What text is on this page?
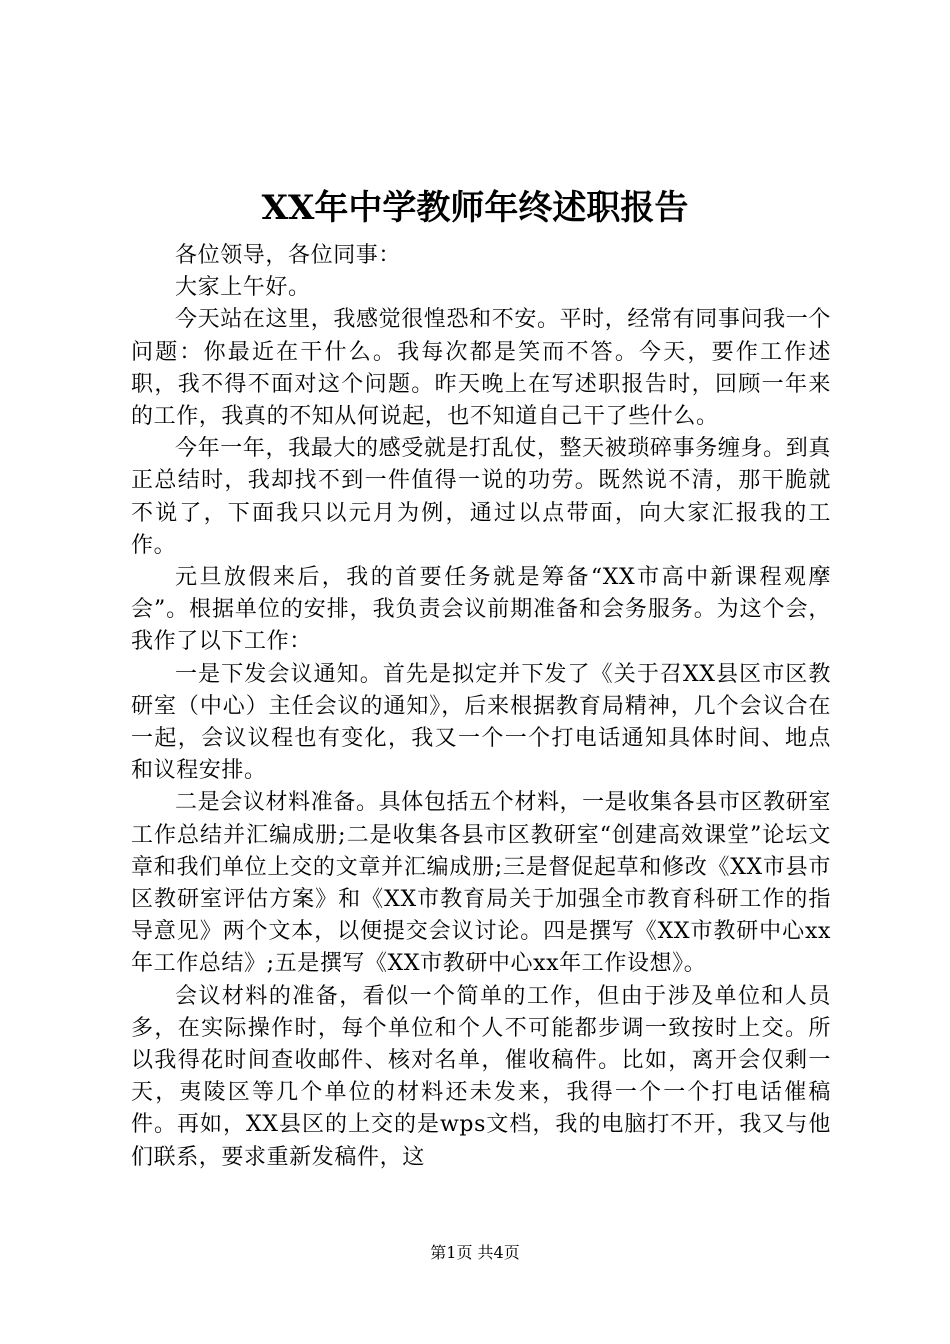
XX年中学教师年终述职报告

各位领导，各位同事：

大家上午好。

今天站在这里，我感觉很惶恐和不安。平时，经常有同事问我一个问题：你最近在干什么。我每次都是笑而不答。今天，要作工作述职，我不得不面对这个问题。昨天晚上在写述职报告时，回顾一年来的工作，我真的不知从何说起，也不知道自己干了些什么。

今年一年，我最大的感受就是打乱仗，整天被琐碎事务缠身。到真正总结时，我却找不到一件值得一说的功劳。既然说不清，那干脆就不说了，下面我只以元月为例，通过以点带面，向大家汇报我的工作。

元旦放假来后，我的首要任务就是筹备“XX市高中新课程观摩会”。根据单位的安排，我负责会议前期准备和会务服务。为这个会，我作了以下工作：

一是下发会议通知。首先是拟定并下发了《关于召XX县区市区教研室（中心）主任会议的通知》，后来根据教育局精神，几个会议合在一起，会议议程也有变化，我又一个一个打电话通知具体时间、地点和议程安排。

二是会议材料准备。具体包括五个材料，一是收集各县市区教研室工作总结并汇编成册;二是收集各县市区教研室“创建高效课堂”论坛文章和我们单位上交的文章并汇编成册;三是督促起草和修改《XX市县市区教研室评估方案》和《XX市教育局关于加强全市教育科研工作的指导意见》两个文本，以便提交会议讨论。四是撰写《XX市教研中心xx年工作总结》;五是撰写《XX市教研中心xx年工作设想》。

会议材料的准备，看似一个简单的工作，但由于涉及单位和人员多，在实际操作时，每个单位和个人不可能都步调一致按时上交。所以我得花时间查收邮件、核对名单，催收稿件。比如，离开会仅剩一天，夷陵区等几个单位的材料还未发来，我得一个一个打电话催稿件。再如，XX县区的上交的是wps文档，我的电脑打不开，我又与他们联系，要求重新发稿件，这

第1页 共4页
